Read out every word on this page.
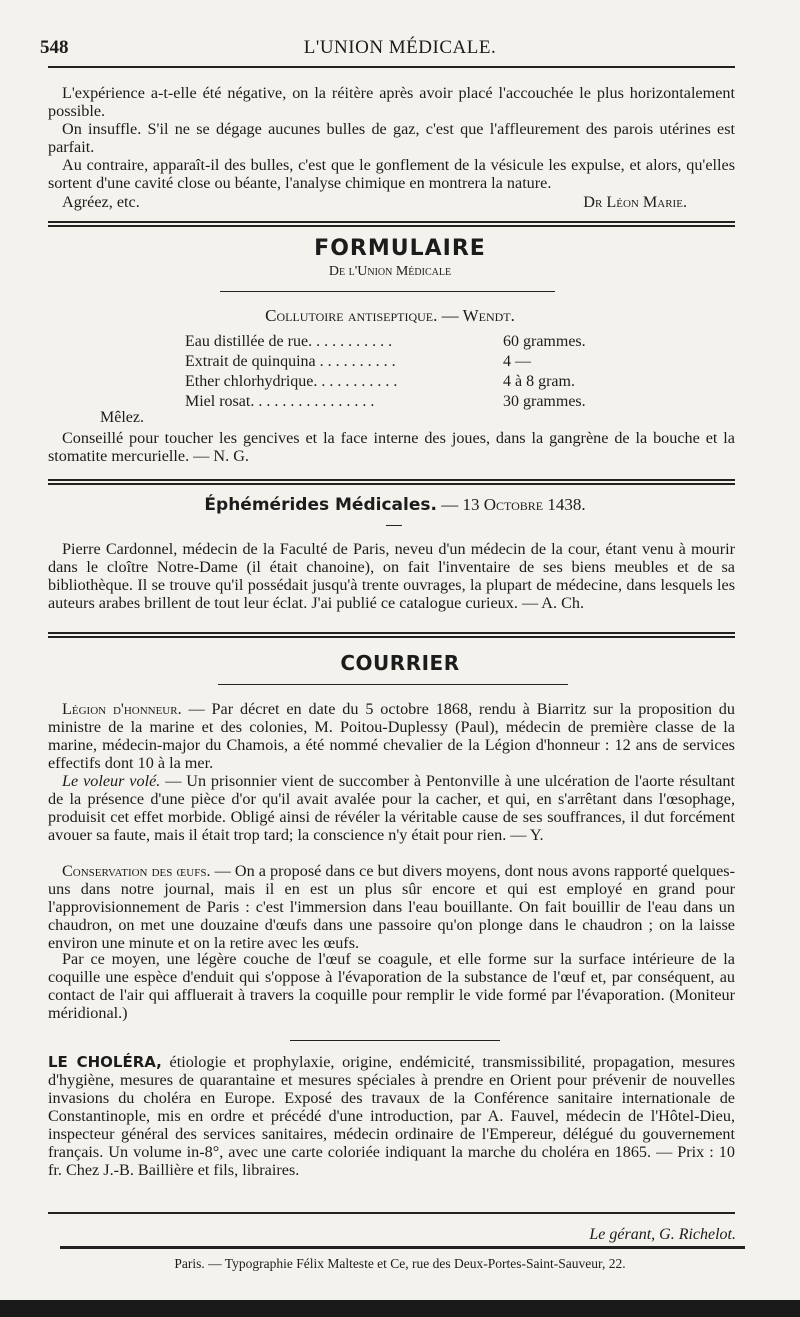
548	L'UNION MÉDICALE.
L'expérience a-t-elle été négative, on la réitère après avoir placé l'accouchée le plus horizontalement possible.
On insuffle. S'il ne se dégage aucunes bulles de gaz, c'est que l'affleurement des parois utérines est parfait.
Au contraire, apparaît-il des bulles, c'est que le gonflement de la vésicule les expulse, et alors, qu'elles sortent d'une cavité close ou béante, l'analyse chimique en montrera la nature.
Agréez, etc.	Dr Léon Marie.
FORMULAIRE
De l'Union Médicale
Collutoire antiseptique. — Wendt.
Eau distillée de rue. . . . . . . . . . .	60 grammes.
Extrait de quinquina . . . . . . . . . .	4 —
Ether chlorhydrique. . . . . . . . . . .	4 à 8 gram.
Miel rosat. . . . . . . . . . . . . . . .	30 grammes.
Mêlez.
Conseillé pour toucher les gencives et la face interne des joues, dans la gangrène de la bouche et la stomatite mercurielle. — N. G.
Éphémérides Médicales. — 13 Octobre 1438.
Pierre Cardonnel, médecin de la Faculté de Paris, neveu d'un médecin de la cour, étant venu à mourir dans le cloître Notre-Dame (il était chanoine), on fait l'inventaire de ses biens meubles et de sa bibliothèque. Il se trouve qu'il possédait jusqu'à trente ouvrages, la plupart de médecine, dans lesquels les auteurs arabes brillent de tout leur éclat. J'ai publié ce catalogue curieux. — A. Ch.
COURRIER
Légion d'honneur. — Par décret en date du 5 octobre 1868, rendu à Biarritz sur la proposition du ministre de la marine et des colonies, M. Poitou-Duplessy (Paul), médecin de première classe de la marine, médecin-major du Chamois, a été nommé chevalier de la Légion d'honneur : 12 ans de services effectifs dont 10 à la mer.
Le voleur volé. — Un prisonnier vient de succomber à Pentonville à une ulcération de l'aorte résultant de la présence d'une pièce d'or qu'il avait avalée pour la cacher, et qui, en s'arrêtant dans l'œsophage, produisit cet effet morbide. Obligé ainsi de révéler la véritable cause de ses souffrances, il dut forcément avouer sa faute, mais il était trop tard; la conscience n'y était pour rien. — Y.
Conservation des œufs. — On a proposé dans ce but divers moyens, dont nous avons rapporté quelques-uns dans notre journal, mais il en est un plus sûr encore et qui est employé en grand pour l'approvisionnement de Paris : c'est l'immersion dans l'eau bouillante. On fait bouillir de l'eau dans un chaudron, on met une douzaine d'œufs dans une passoire qu'on plonge dans le chaudron ; on la laisse environ une minute et on la retire avec les œufs.
Par ce moyen, une légère couche de l'œuf se coagule, et elle forme sur la surface intérieure de la coquille une espèce d'enduit qui s'oppose à l'évaporation de la substance de l'œuf et, par conséquent, au contact de l'air qui affluerait à travers la coquille pour remplir le vide formé par l'évaporation. (Moniteur méridional.)
LE CHOLÉRA, étiologie et prophylaxie, origine, endémicité, transmissibilité, propagation, mesures d'hygiène, mesures de quarantaine et mesures spéciales à prendre en Orient pour prévenir de nouvelles invasions du choléra en Europe. Exposé des travaux de la Conférence sanitaire internationale de Constantinople, mis en ordre et précédé d'une introduction, par A. Fauvel, médecin de l'Hôtel-Dieu, inspecteur général des services sanitaires, médecin ordinaire de l'Empereur, délégué du gouvernement français. Un volume in-8°, avec une carte coloriée indiquant la marche du choléra en 1865. — Prix : 10 fr. Chez J.-B. Baillière et fils, libraires.
Le gérant, G. Richelot.
Paris. — Typographie Félix Malteste et Ce, rue des Deux-Portes-Saint-Sauveur, 22.
